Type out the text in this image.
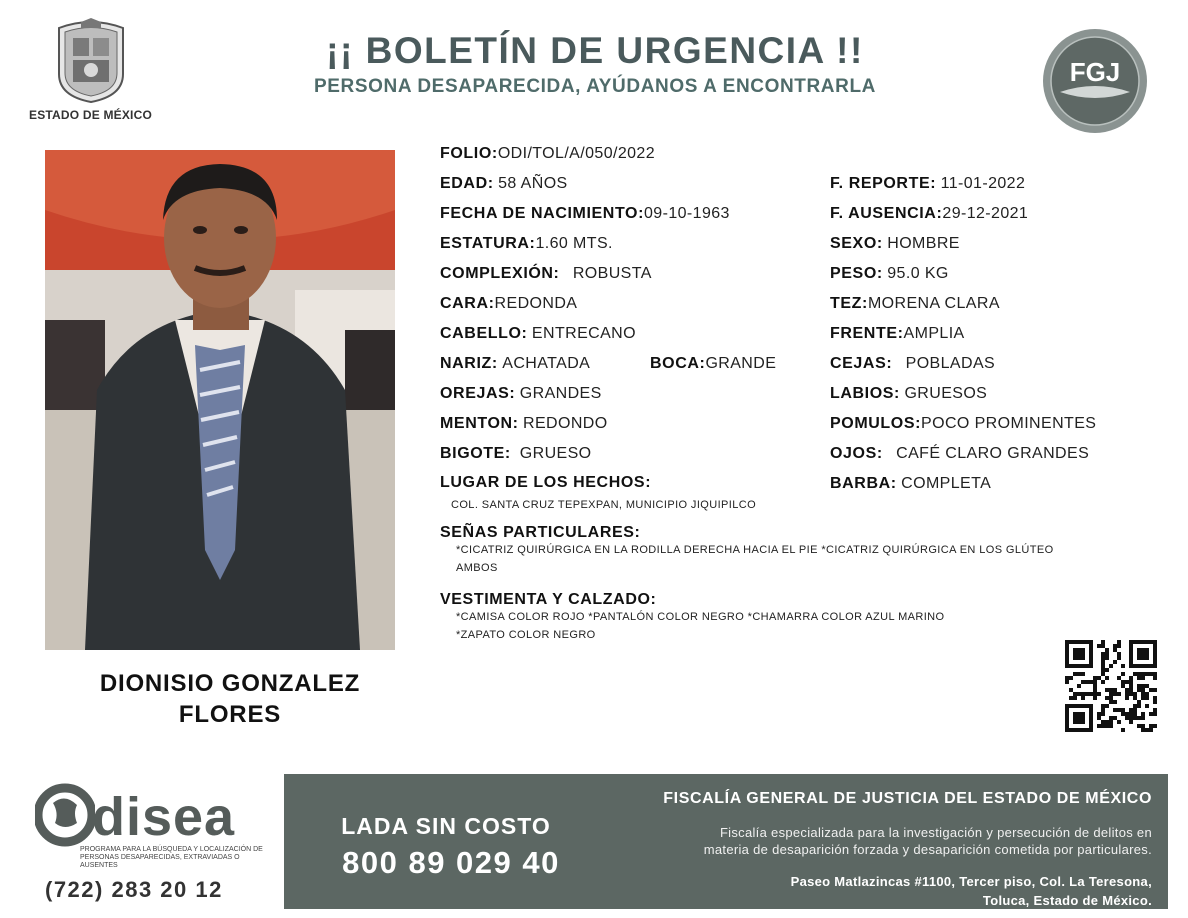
ESTADO DE MÉXICO
¡¡ BOLETÍN DE URGENCIA !!
PERSONA DESAPARECIDA, AYÚDANOS A ENCONTRARLA	FGJ
DIONISIO GONZALEZ
FLORES
FOLIO:ODI/TOL/A/050/2022
EDAD: 58 AÑOS
FECHA DE NACIMIENTO:09-10-1963
ESTATURA:1.60 MTS.
COMPLEXIÓN: ROBUSTA
CARA:REDONDA
CABELLO: ENTRECANO
NARIZ: ACHATADA	BOCA:GRANDE
OREJAS: GRANDES
MENTON: REDONDO
BIGOTE: GRUESO
LUGAR DE LOS HECHOS:
COL. SANTA CRUZ TEPEXPAN, MUNICIPIO JIQUIPILCO
F. REPORTE: 11-01-2022
F. AUSENCIA:29-12-2021
SEXO: HOMBRE
PESO: 95.0 KG
TEZ:MORENA CLARA
FRENTE:AMPLIA
CEJAS: POBLADAS
LABIOS: GRUESOS
POMULOS:POCO PROMINENTES
OJOS: CAFÉ CLARO GRANDES
BARBA: COMPLETA
SEÑAS PARTICULARES:
*CICATRIZ QUIRÚRGICA EN LA RODILLA DERECHA HACIA EL PIE *CICATRIZ QUIRÚRGICA EN LOS GLÚTEO
AMBOS
VESTIMENTA Y CALZADO:
*CAMISA COLOR ROJO *PANTALÓN COLOR NEGRO *CHAMARRA COLOR AZUL MARINO
*ZAPATO COLOR NEGRO
disea
PROGRAMA PARA LA BÚSQUEDA Y LOCALIZACIÓN DE PERSONAS DESAPARECIDAS, EXTRAVIADAS O AUSENTES
(722) 283 20 12
LADA SIN COSTO
800 89 029 40
FISCALÍA GENERAL DE JUSTICIA DEL ESTADO DE MÉXICO
Fiscalía especializada para la investigación y persecución de delitos en
materia de desaparición forzada y desaparición cometida por particulares.
Paseo Matlazincas #1100, Tercer piso, Col. La Teresona,
Toluca, Estado de México.
